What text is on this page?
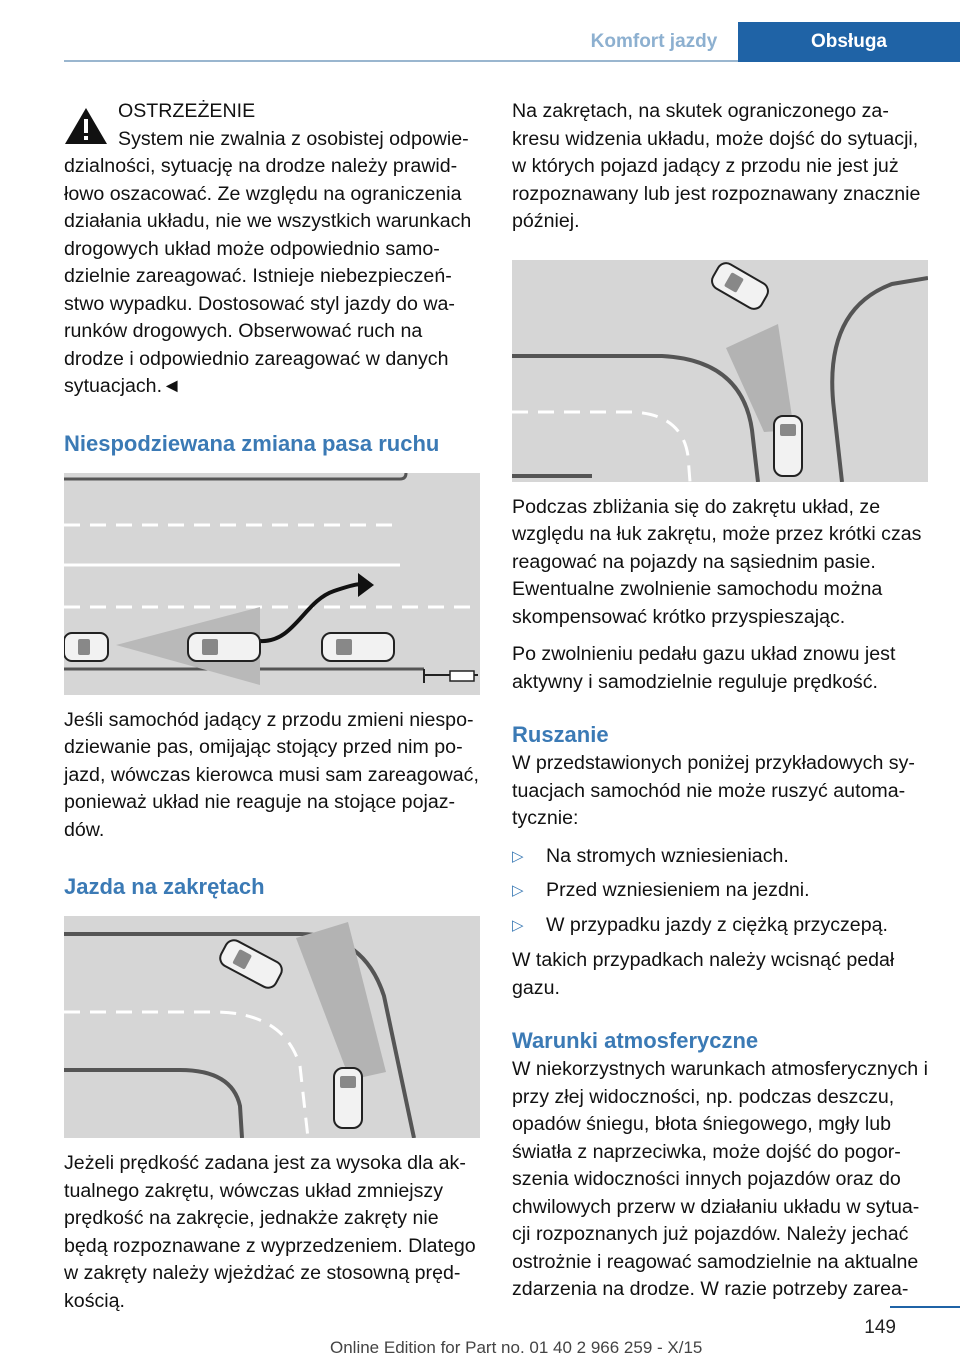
Komfort jazdy	Obsługa
OSTRZEŻENIE
System nie zwalnia z osobistej odpowie-
dzialności, sytuację na drodze należy prawid-łowo oszacować. Ze względu na ograniczenia działania układu, nie we wszystkich warunkach drogowych układ może odpowiednio samo-dzielnie zareagować. Istnieje niebezpieczeń-stwo wypadku. Dostosować styl jazdy do wa-runków drogowych. Obserwować ruch na drodze i odpowiednio zareagować w danych sytuacjach.◄
Niespodziewana zmiana pasa ruchu

Jeśli samochód jadący z przodu zmieni niespo-dziewanie pas, omijając stojący przed nim po-jazd, wówczas kierowca musi sam zareagować, ponieważ układ nie reaguje na stojące pojaz-dów.

Jazda na zakrętach

Jeżeli prędkość zadana jest za wysoka dla ak-tualnego zakrętu, wówczas układ zmniejszy prędkość na zakręcie, jednakże zakręty nie będą rozpoznawane z wyprzedzeniem. Dlatego w zakręty należy wjeżdżać ze stosowną pręd-kością.

Na zakrętach, na skutek ograniczonego za-kresu widzenia układu, może dojść do sytuacji, w których pojazd jadący z przodu nie jest już rozpoznawany lub jest rozpoznawany znacznie później.

Podczas zbliżania się do zakrętu układ, ze względu na łuk zakrętu, może przez krótki czas reagować na pojazdy na sąsiednim pasie. Ewentualne zwolnienie samochodu można skompensować krótko przyspieszając.

Po zwolnieniu pedału gazu układ znowu jest aktywny i samodzielnie reguluje prędkość.

Ruszanie

W przedstawionych poniżej przykładowych sy-tuacjach samochód nie może ruszyć automa-tycznie:

▷ Na stromych wzniesieniach.
▷ Przed wzniesieniem na jezdni.
▷ W przypadku jazdy z ciężką przyczepą.

W takich przypadkach należy wcisnąć pedał gazu.

Warunki atmosferyczne

W niekorzystnych warunkach atmosferycznych i przy złej widoczności, np. podczas deszczu, opadów śniegu, błota śniegowego, mgły lub światła z naprzeciwka, może dojść do pogor-szenia widoczności innych pojazdów oraz do chwilowych przerw w działaniu układu w sytua-cji rozpoznanych już pojazdów. Należy jechać ostrożnie i reagować samodzielnie na aktualne zdarzenia na drodze. W razie potrzeby zarea-

149
Online Edition for Part no. 01 40 2 966 259 - X/15
